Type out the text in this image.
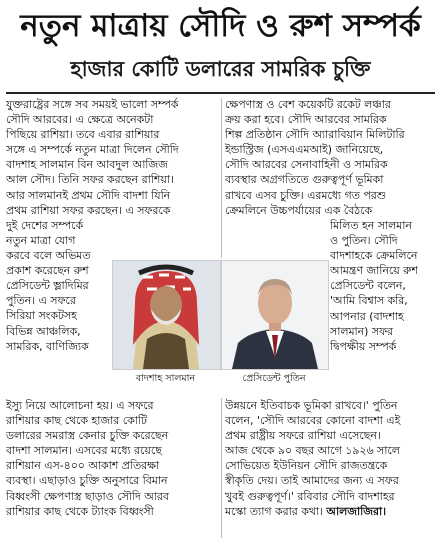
নতুন মাত্রায় সৌদি ও রুশ সম্পর্ক
হাজার কোটি ডলারের সামরিক চুক্তি

যুক্তরাষ্ট্রের সঙ্গে সব সময়ই ভালো সম্পর্ক

সৌদি আরবের। এ ক্ষেত্রে অনেকটা

পিছিয়ে রাশিয়া। তবে এবার রাশিয়ার

সঙ্গে এ সম্পর্কে নতুন মাত্রা দিলেন সৌদি

বাদশাহ সালমান বিন আবদুল আজিজ

আল সৌদ। তিনি সফর করছেন রাশিয়া।

আর সালমানই প্রথম সৌদি বাদশা যিনি

প্রথম রাশিয়া সফর করছেন। এ সফরকে

দুই দেশের সম্পর্কে

নতুন মাত্রা যোগ

করবে বলে অভিমত

প্রকাশ করেছেন রুশ

প্রেসিডেন্ট ভ্লাদিমির

পুতিন। এ সফরে

সিরিয়া সংকটসহ

বিভিন্ন আঞ্চলিক,

সামরিক, বাণিজ্যিক

ইস্যু নিয়ে আলোচনা হয়। এ সফরে

রাশিয়ার কাছ থেকে হাজার কোটি

ডলারের সমরাস্ত্র কেনার চুক্তি করেছেন

বাদশা সালমান। এসবের মধ্যে রয়েছে

রাশিয়ান এস-৪০০ আকাশ প্রতিরক্ষা

ব্যবস্থা। এছাড়াও চুক্তি অনুসারে বিমান

বিধ্বংসী ক্ষেপণাস্ত্র ছাড়াও সৌদি আরব

রাশিয়ার কাছ থেকে ট্যাংক বিধ্বংসী

ক্ষেপণাস্ত্র ও বেশ কয়েকটি রকেট লঞ্চার

ক্রয় করা হবে। সৌদি আরবের সামরিক

শিল্প প্রতিষ্ঠান সৌদি অ্যারাবিয়ান মিলিটারি

ইন্ডাস্ট্রিজ (এসএএমআই) জানিয়েছে,

সৌদি আরবের সেনাবাহিনী ও সামরিক

ব্যবস্থার অগ্রগতিতে গুরুত্বপূর্ণ ভূমিকা

রাখবে এসব চুক্তি। এরমধ্যে গত পরশু

ক্রেমলিনে উচ্চপর্যায়ের এক বৈঠকে

মিলিত হন সালমান

ও পুতিন। সৌদি

বাদশাহকে ক্রেমলিনে

আমন্ত্রণ জানিয়ে রুশ

প্রেসিডেন্ট বলেন,

'আমি বিশ্বাস করি,

আপনার (বাদশাহ

সালমান) সফর

দ্বিপক্ষীয় সম্পর্ক

উন্নয়নে ইতিবাচক ভূমিকা রাখবে।' পুতিন

বলেন, 'সৌদি আরবের কোনো বাদশা এই

প্রথম রাষ্ট্রীয় সফরে রাশিয়া এসেছেন।

আজ থেকে ৯০ বছর আগে ১৯২৬ সালে

সোভিয়েত ইউনিয়ন সৌদি রাজতন্ত্রকে

স্বীকৃতি দেয়। তাই আমাদের জন্য এ সফর

খুবই গুরুত্বপূর্ণ।' রবিবার সৌদি বাদশাহর

মস্কো ত্যাগ করার কথা। আলজাজিরা।

বাদশাহ সালমান	প্রেসিডেন্ট পুতিন
